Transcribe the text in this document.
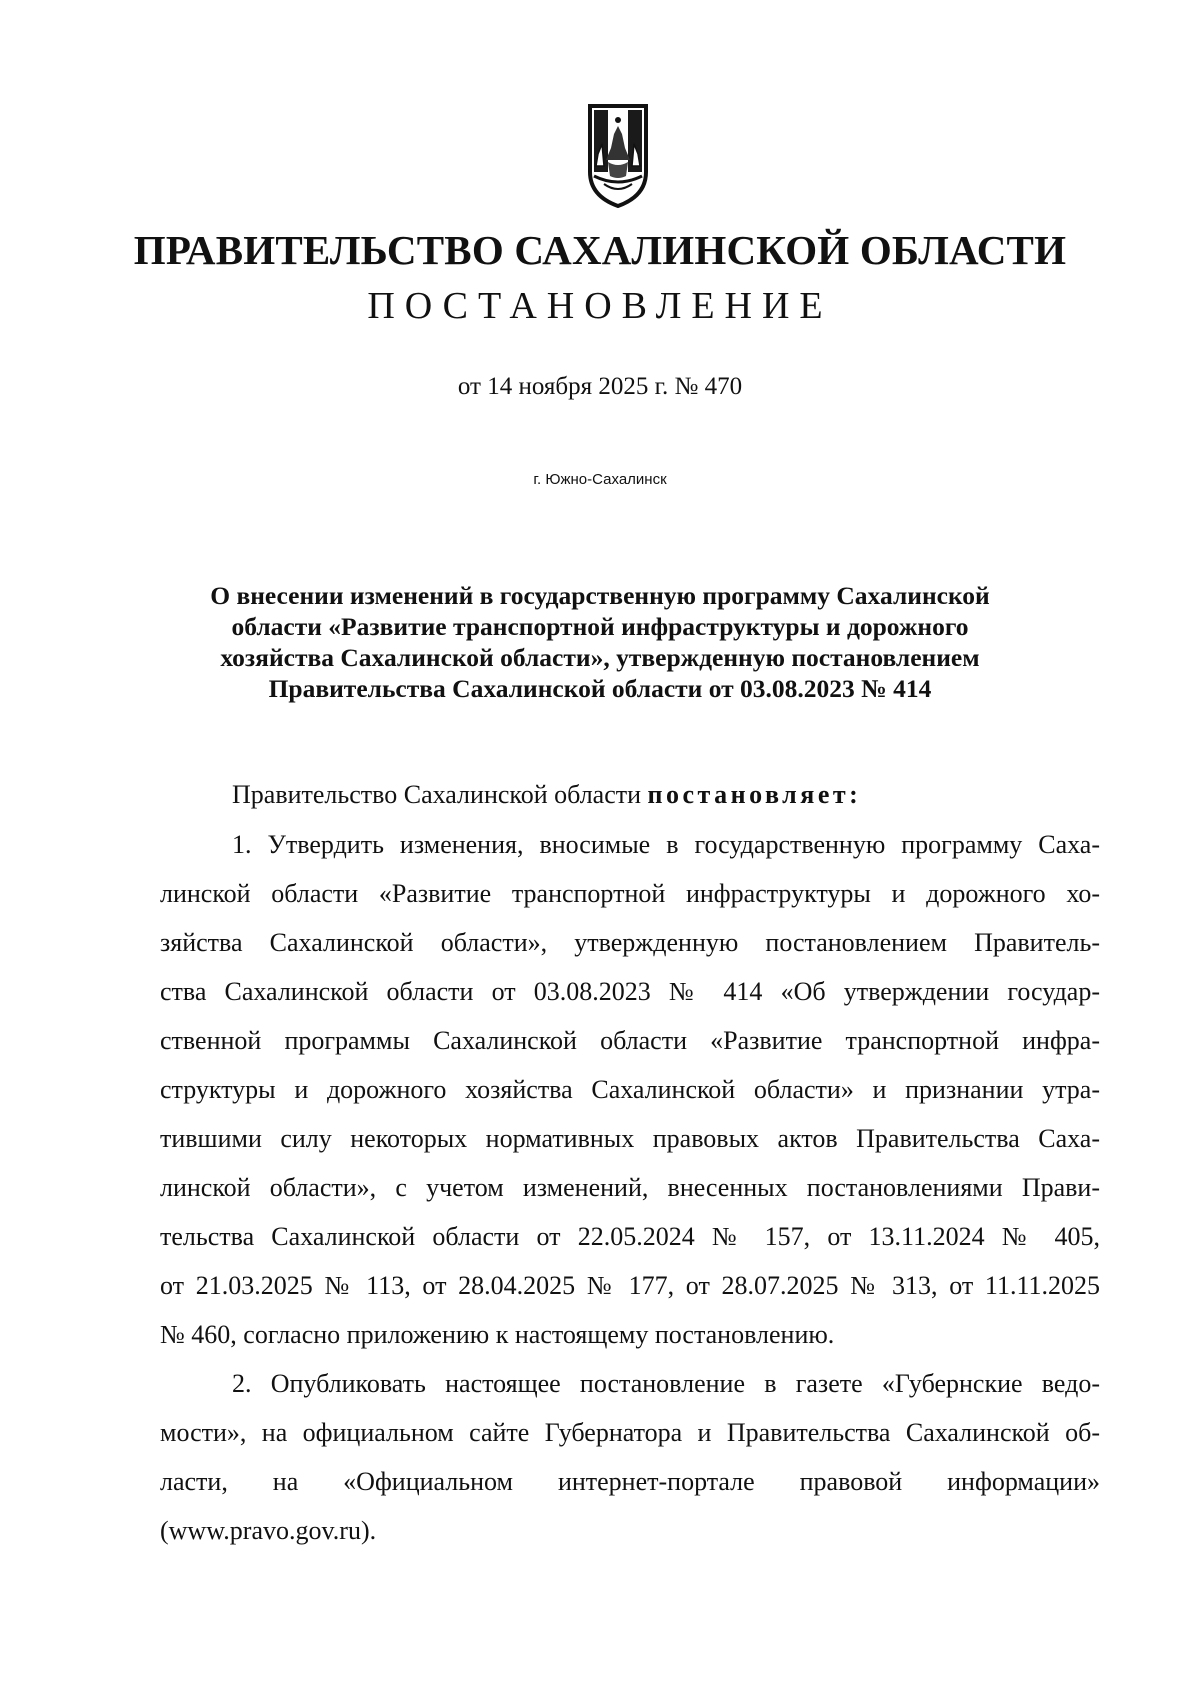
ПРАВИТЕЛЬСТВО САХАЛИНСКОЙ ОБЛАСТИ
ПОСТАНОВЛЕНИЕ
от 14 ноября 2025 г. № 470
г. Южно-Сахалинск
О внесении изменений в государственную программу Сахалинской
области «Развитие транспортной инфраструктуры и дорожного
хозяйства Сахалинской области», утвержденную постановлением
Правительства Сахалинской области от 03.08.2023 № 414
Правительство Сахалинской области постановляет:
1. Утвердить изменения, вносимые в государственную программу Саха-
линской области «Развитие транспортной инфраструктуры и дорожного хо-
зяйства Сахалинской области», утвержденную постановлением Правитель-
ства Сахалинской области от 03.08.2023 № 414 «Об утверждении государ-
ственной программы Сахалинской области «Развитие транспортной инфра-
структуры и дорожного хозяйства Сахалинской области» и признании утра-
тившими силу некоторых нормативных правовых актов Правительства Саха-
линской области», с учетом изменений, внесенных постановлениями Прави-
тельства Сахалинской области от 22.05.2024 № 157, от 13.11.2024 № 405,
от 21.03.2025 № 113, от 28.04.2025 № 177, от 28.07.2025 № 313, от 11.11.2025
№ 460, согласно приложению к настоящему постановлению.
2. Опубликовать настоящее постановление в газете «Губернские ведо-
мости», на официальном сайте Губернатора и Правительства Сахалинской об-
ласти, на «Официальном интернет-портале правовой информации»
(www.pravo.gov.ru).
